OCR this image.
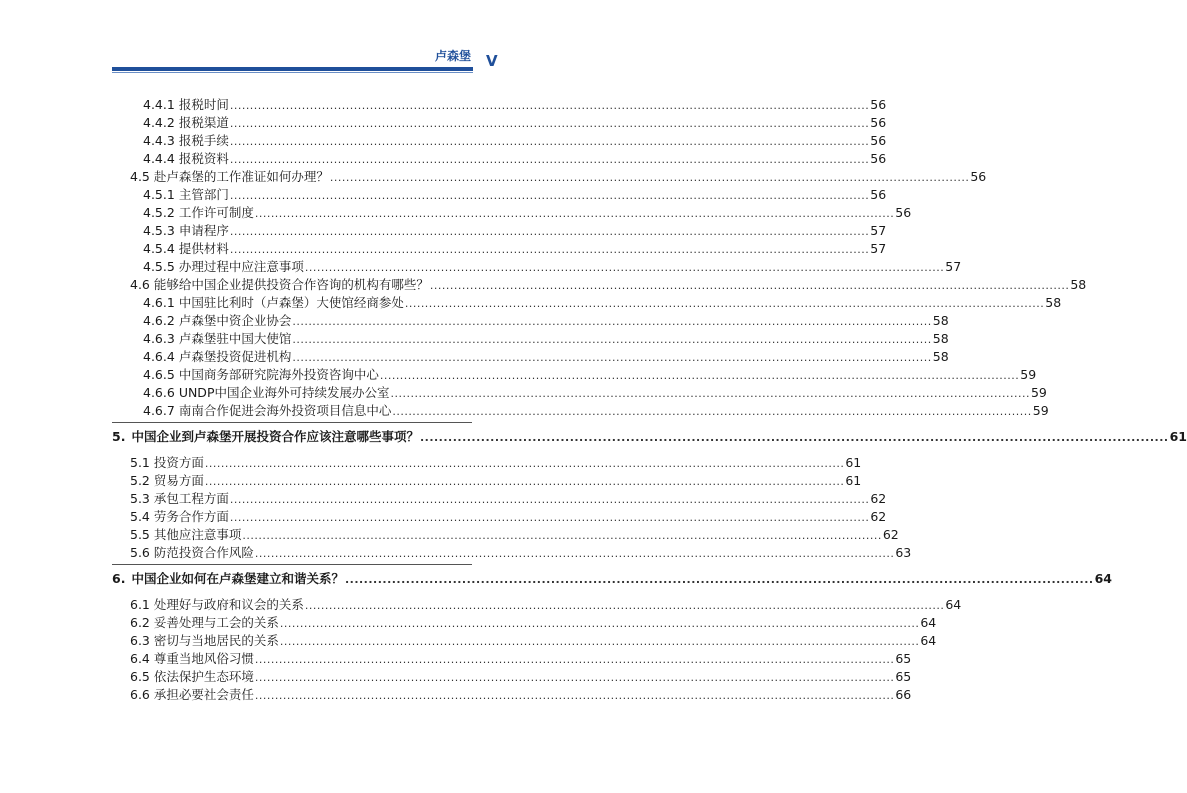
卢森堡 V
4.4.1 报税时间 ................................................................................................................................................................ 56
4.4.2 报税渠道 ................................................................................................................................................................ 56
4.4.3 报税手续 ................................................................................................................................................................ 56
4.4.4 报税资料 ................................................................................................................................................................ 56
4.5 赴卢森堡的工作准证如何办理？ ................................................................................................................................................................ 56
4.5.1 主管部门 ................................................................................................................................................................ 56
4.5.2 工作许可制度 ................................................................................................................................................................ 56
4.5.3 申请程序 ................................................................................................................................................................ 57
4.5.4 提供材料 ................................................................................................................................................................ 57
4.5.5 办理过程中应注意事项 ................................................................................................................................................................ 57
4.6 能够给中国企业提供投资合作咨询的机构有哪些？ ................................................................................................................................................................ 58
4.6.1 中国驻比利时（卢森堡）大使馆经商参处 ................................................................................................................................................................ 58
4.6.2 卢森堡中资企业协会 ................................................................................................................................................................ 58
4.6.3 卢森堡驻中国大使馆 ................................................................................................................................................................ 58
4.6.4 卢森堡投资促进机构 ................................................................................................................................................................ 58
4.6.5 中国商务部研究院海外投资咨询中心 ................................................................................................................................................................ 59
4.6.6 UNDP中国企业海外可持续发展办公室 ................................................................................................................................................................ 59
4.6.7 南南合作促进会海外投资项目信息中心 ................................................................................................................................................................ 59
5. 中国企业到卢森堡开展投资合作应该注意哪些事项？ ................................................................................................................................................................ 61
5.1 投资方面 ................................................................................................................................................................ 61
5.2 贸易方面 ................................................................................................................................................................ 61
5.3 承包工程方面 ................................................................................................................................................................ 62
5.4 劳务合作方面 ................................................................................................................................................................ 62
5.5 其他应注意事项 ................................................................................................................................................................ 62
5.6 防范投资合作风险 ................................................................................................................................................................ 63
6. 中国企业如何在卢森堡建立和谐关系？ ................................................................................................................................................................ 64
6.1 处理好与政府和议会的关系 ................................................................................................................................................................ 64
6.2 妥善处理与工会的关系 ................................................................................................................................................................ 64
6.3 密切与当地居民的关系 ................................................................................................................................................................ 64
6.4 尊重当地风俗习惯 ................................................................................................................................................................ 65
6.5 依法保护生态环境 ................................................................................................................................................................ 65
6.6 承担必要社会责任 ................................................................................................................................................................ 66
